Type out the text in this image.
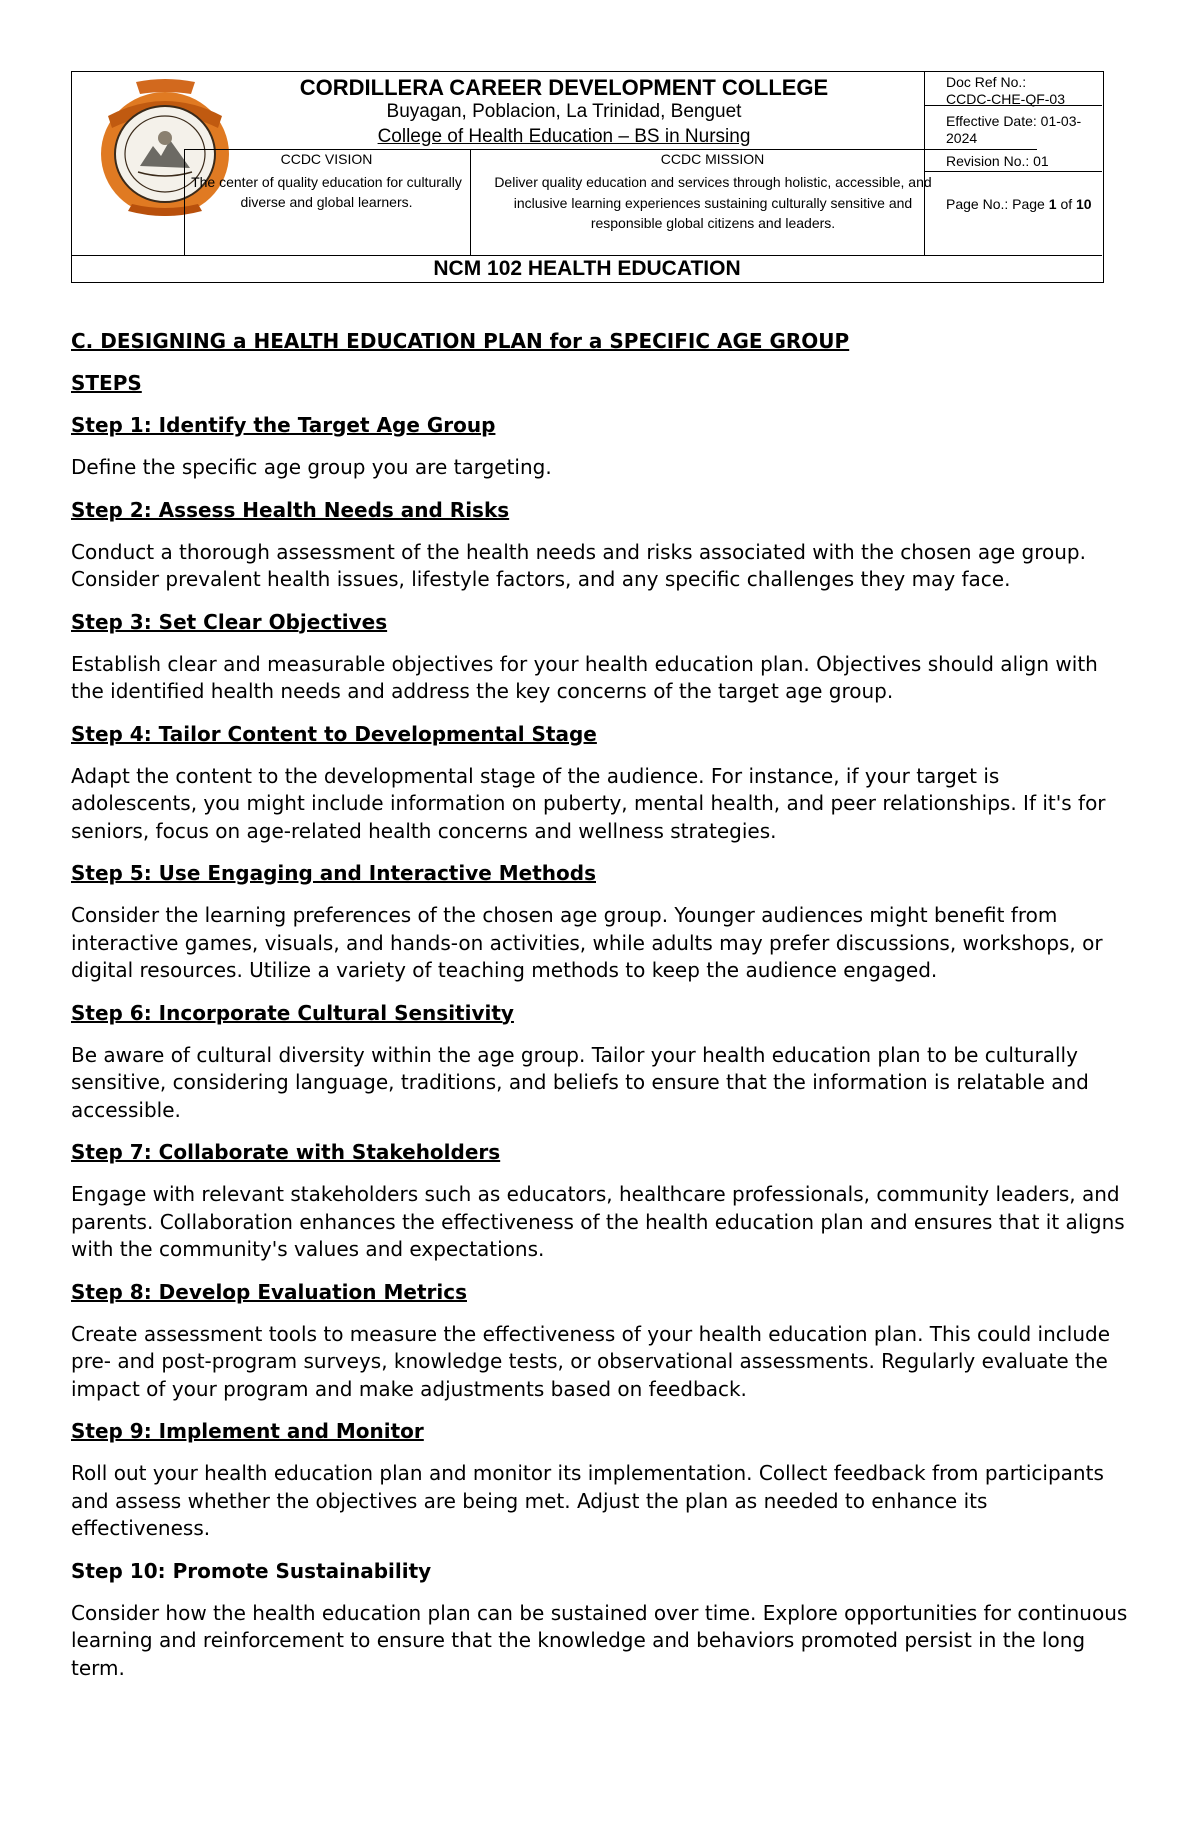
CORDILLERA CAREER DEVELOPMENT COLLEGE
Buyagan, Poblacion, La Trinidad, Benguet
College of Health Education – BS in Nursing
CCDC VISION
The center of quality education for culturally diverse and global learners.
CCDC MISSION
Deliver quality education and services through holistic, accessible, and inclusive learning experiences sustaining culturally sensitive and responsible global citizens and leaders.
Doc Ref No.:
CCDC-CHE-QF-03
Effective Date: 01-03-2024
Revision No.: 01
Page No.: Page 1 of 10
NCM 102 HEALTH EDUCATION
C. DESIGNING a HEALTH EDUCATION PLAN for a SPECIFIC AGE GROUP
STEPS
Step 1: Identify the Target Age Group

Define the specific age group you are targeting.

Step 2: Assess Health Needs and Risks

Conduct a thorough assessment of the health needs and risks associated with the chosen age group. Consider prevalent health issues, lifestyle factors, and any specific challenges they may face.

Step 3: Set Clear Objectives

Establish clear and measurable objectives for your health education plan. Objectives should align with the identified health needs and address the key concerns of the target age group.

Step 4: Tailor Content to Developmental Stage

Adapt the content to the developmental stage of the audience. For instance, if your target is adolescents, you might include information on puberty, mental health, and peer relationships. If it's for seniors, focus on age-related health concerns and wellness strategies.

Step 5: Use Engaging and Interactive Methods

Consider the learning preferences of the chosen age group. Younger audiences might benefit from interactive games, visuals, and hands-on activities, while adults may prefer discussions, workshops, or digital resources. Utilize a variety of teaching methods to keep the audience engaged.

Step 6: Incorporate Cultural Sensitivity

Be aware of cultural diversity within the age group. Tailor your health education plan to be culturally sensitive, considering language, traditions, and beliefs to ensure that the information is relatable and accessible.

Step 7: Collaborate with Stakeholders

Engage with relevant stakeholders such as educators, healthcare professionals, community leaders, and parents. Collaboration enhances the effectiveness of the health education plan and ensures that it aligns with the community's values and expectations.

Step 8: Develop Evaluation Metrics

Create assessment tools to measure the effectiveness of your health education plan. This could include pre- and post-program surveys, knowledge tests, or observational assessments. Regularly evaluate the impact of your program and make adjustments based on feedback.

Step 9: Implement and Monitor

Roll out your health education plan and monitor its implementation. Collect feedback from participants and assess whether the objectives are being met. Adjust the plan as needed to enhance its effectiveness.

Step 10: Promote Sustainability

Consider how the health education plan can be sustained over time. Explore opportunities for continuous learning and reinforcement to ensure that the knowledge and behaviors promoted persist in the long term.
